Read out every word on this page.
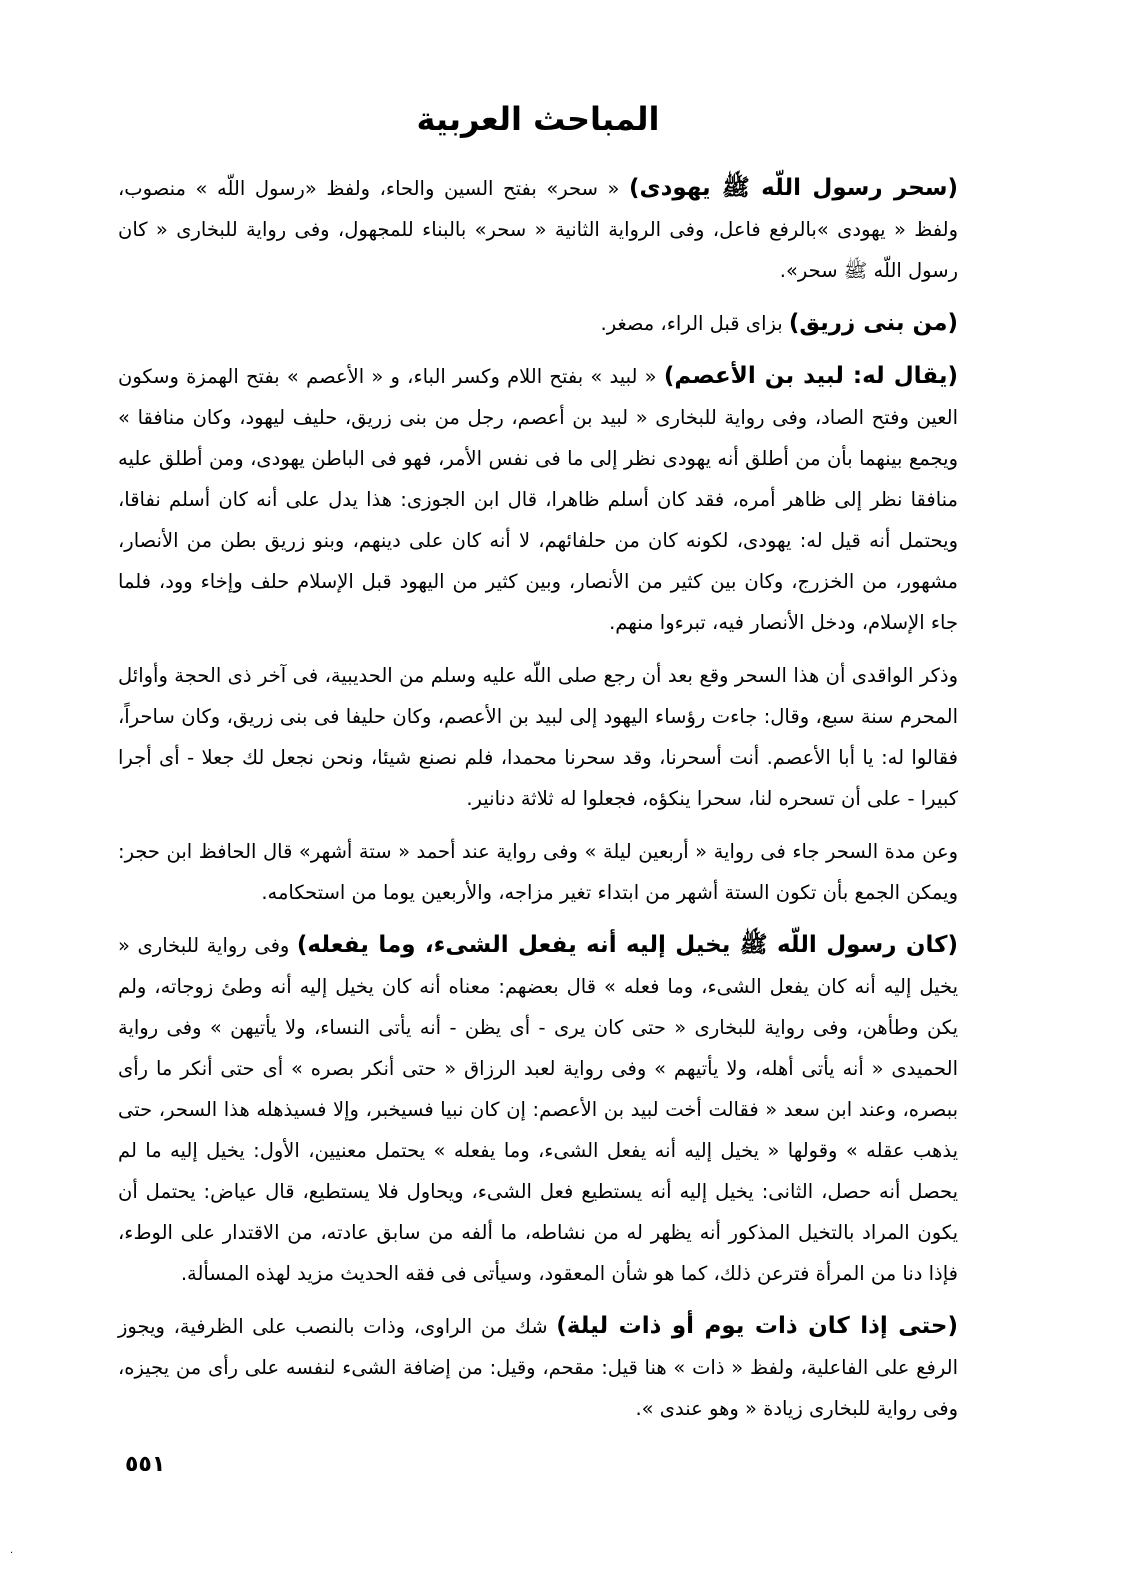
المباحث العربية

(سحر رسول اللّه ﷺ يهودى) « سحر» بفتح السين والحاء، ولفظ «رسول اللّه » منصوب، ولفظ « يهودى »بالرفع فاعل، وفى الرواية الثانية « سحر» بالبناء للمجهول، وفى رواية للبخارى « كان رسول اللّه ﷺ سحر».

(من بنى زريق) بزاى قبل الراء، مصغر.

(يقال له: لبيد بن الأعصم) « لبيد » بفتح اللام وكسر الباء، و « الأعصم » بفتح الهمزة وسكون العين وفتح الصاد، وفى رواية للبخارى « لبيد بن أعصم، رجل من بنى زريق، حليف ليهود، وكان منافقا » ويجمع بينهما بأن من أطلق أنه يهودى نظر إلى ما فى نفس الأمر، فهو فى الباطن يهودى، ومن أطلق عليه منافقا نظر إلى ظاهر أمره، فقد كان أسلم ظاهرا، قال ابن الجوزى: هذا يدل على أنه كان أسلم نفاقا، ويحتمل أنه قيل له: يهودى، لكونه كان من حلفائهم، لا أنه كان على دينهم، وبنو زريق بطن من الأنصار، مشهور، من الخزرج، وكان بين كثير من الأنصار، وبين كثير من اليهود قبل الإسلام حلف وإخاء وود، فلما جاء الإسلام، ودخل الأنصار فيه، تبرءوا منهم.

وذكر الواقدى أن هذا السحر وقع بعد أن رجع صلى اللّه عليه وسلم من الحديبية، فى آخر ذى الحجة وأوائل المحرم سنة سبع، وقال: جاءت رؤساء اليهود إلى لبيد بن الأعصم، وكان حليفا فى بنى زريق، وكان ساحراً، فقالوا له: يا أبا الأعصم. أنت أسحرنا، وقد سحرنا محمدا، فلم نصنع شيئا، ونحن نجعل لك جعلا - أى أجرا كبيرا - على أن تسحره لنا، سحرا ينكؤه، فجعلوا له ثلاثة دنانير.

وعن مدة السحر جاء فى رواية « أربعين ليلة » وفى رواية عند أحمد « ستة أشهر» قال الحافظ ابن حجر: ويمكن الجمع بأن تكون الستة أشهر من ابتداء تغير مزاجه، والأربعين يوما من استحكامه.

(كان رسول اللّه ﷺ يخيل إليه أنه يفعل الشىء، وما يفعله) وفى رواية للبخارى « يخيل إليه أنه كان يفعل الشىء، وما فعله » قال بعضهم: معناه أنه كان يخيل إليه أنه وطئ زوجاته، ولم يكن وطأهن، وفى رواية للبخارى « حتى كان يرى - أى يظن - أنه يأتى النساء، ولا يأتيهن » وفى رواية الحميدى « أنه يأتى أهله، ولا يأتيهم » وفى رواية لعبد الرزاق « حتى أنكر بصره » أى حتى أنكر ما رأى ببصره، وعند ابن سعد « فقالت أخت لبيد بن الأعصم: إن كان نبيا فسيخبر، وإلا فسيذهله هذا السحر، حتى يذهب عقله » وقولها « يخيل إليه أنه يفعل الشىء، وما يفعله » يحتمل معنيين، الأول: يخيل إليه ما لم يحصل أنه حصل، الثانى: يخيل إليه أنه يستطيع فعل الشىء، ويحاول فلا يستطيع، قال عياض: يحتمل أن يكون المراد بالتخيل المذكور أنه يظهر له من نشاطه، ما ألفه من سابق عادته، من الاقتدار على الوطء، فإذا دنا من المرأة فترعن ذلك، كما هو شأن المعقود، وسيأتى فى فقه الحديث مزيد لهذه المسألة.

(حتى إذا كان ذات يوم أو ذات ليلة) شك من الراوى، وذات بالنصب على الظرفية، ويجوز الرفع على الفاعلية، ولفظ « ذات » هنا قيل: مقحم، وقيل: من إضافة الشىء لنفسه على رأى من يجيزه، وفى رواية للبخارى زيادة « وهو عندى ».

٥٥١
.
